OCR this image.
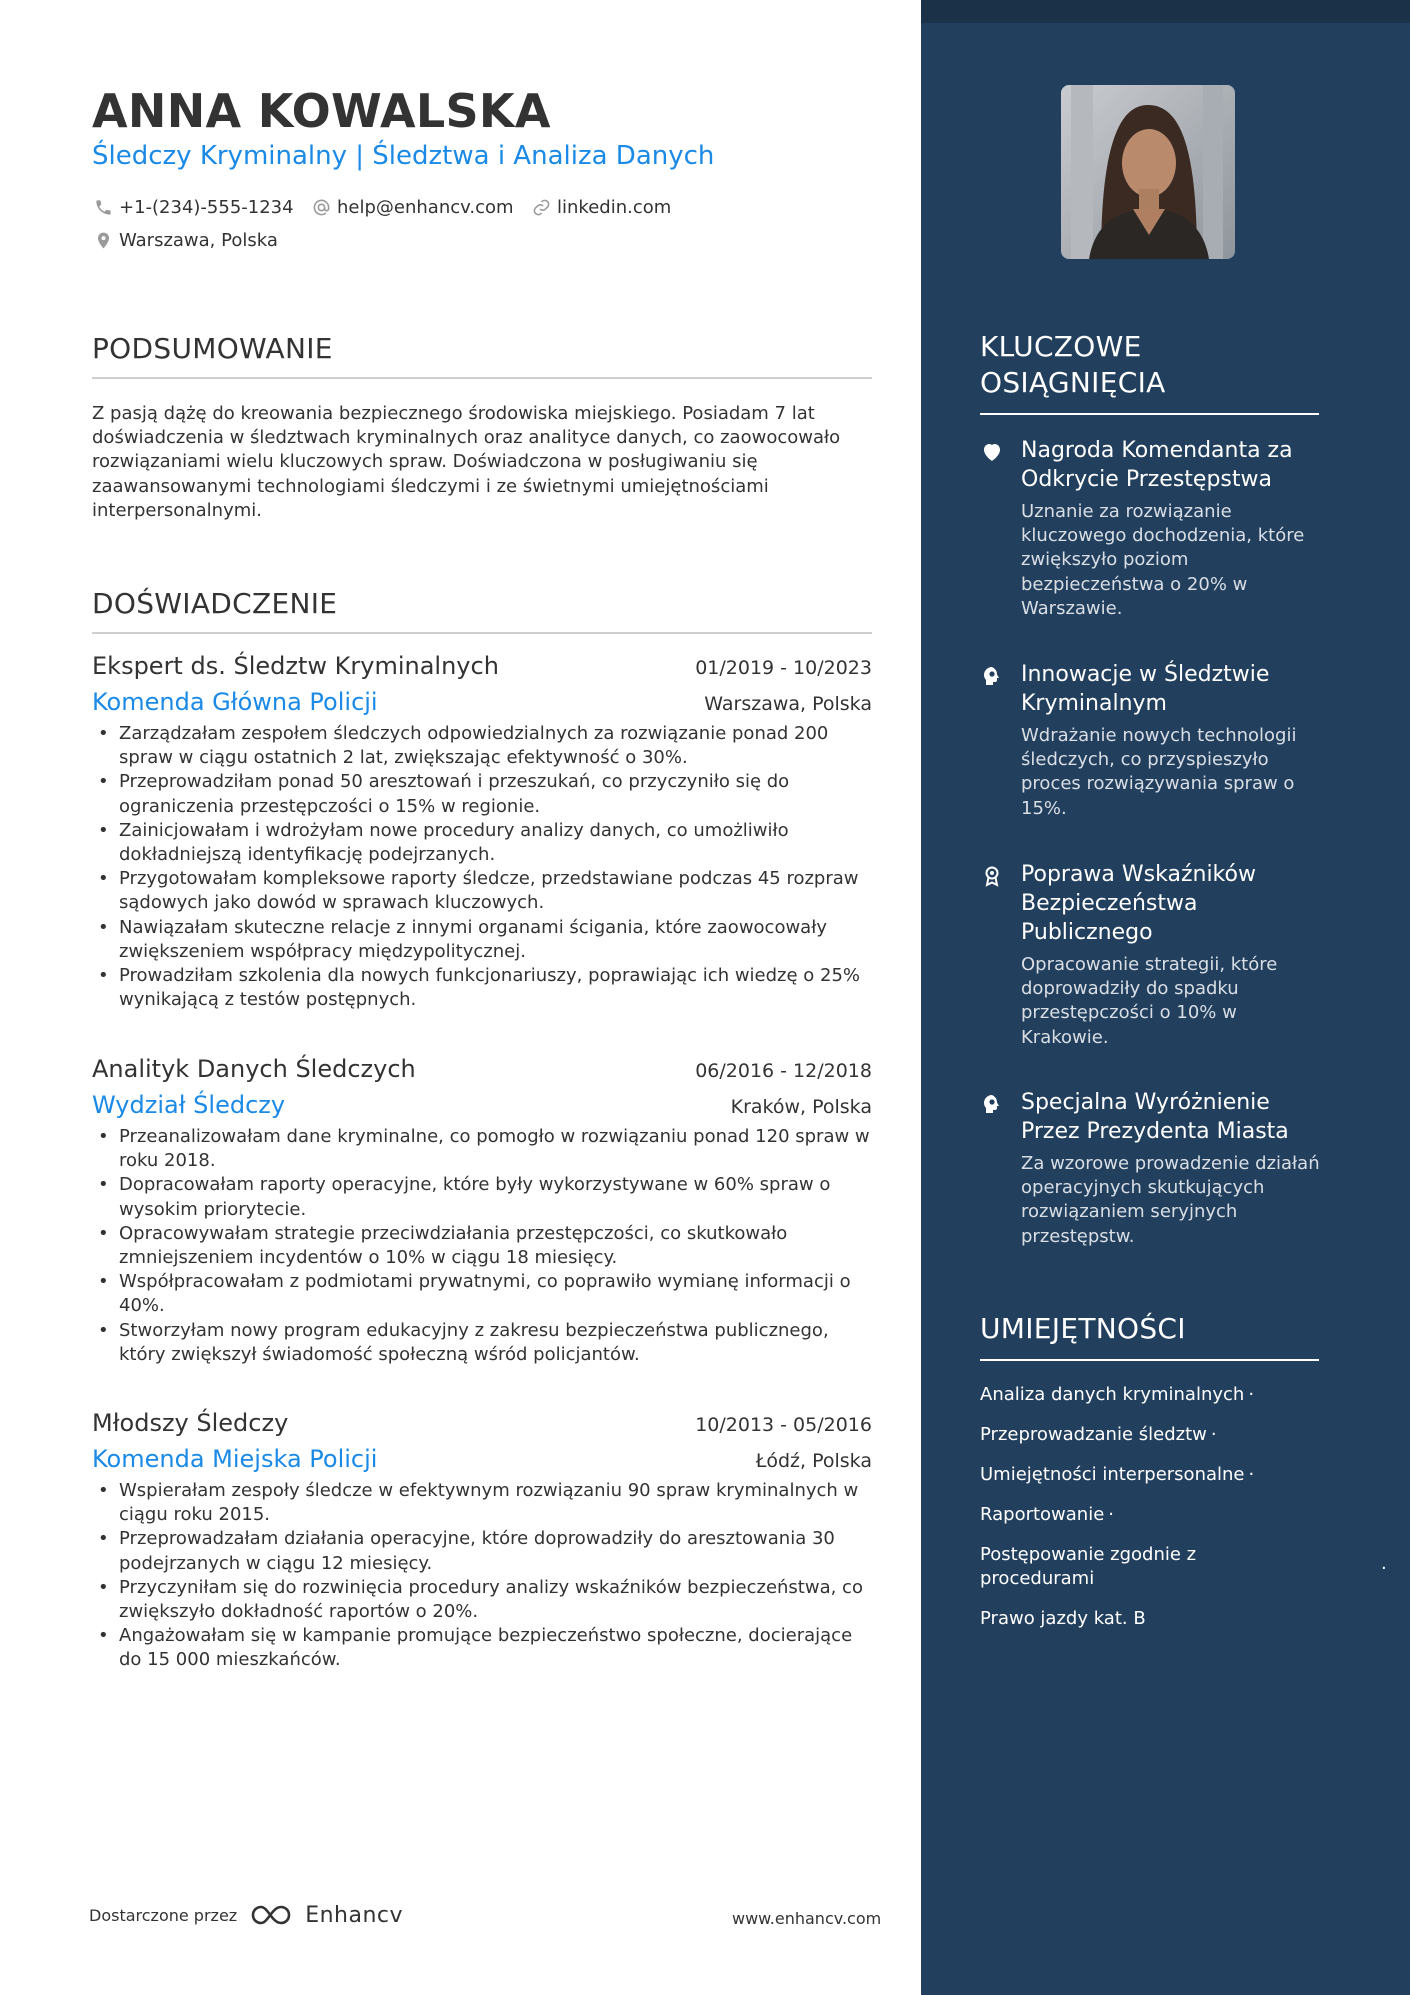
ANNA KOWALSKA
Śledczy Kryminalny | Śledztwa i Analiza Danych
+1-(234)-555-1234 help@enhancv.com linkedin.com
Warszawa, Polska
PODSUMOWANIE

Z pasją dążę do kreowania bezpiecznego środowiska miejskiego. Posiadam 7 lat doświadczenia w śledztwach kryminalnych oraz analityce danych, co zaowocowało rozwiązaniami wielu kluczowych spraw. Doświadczona w posługiwaniu się zaawansowanymi technologiami śledczymi i ze świetnymi umiejętnościami interpersonalnymi.

DOŚWIADCZENIE
Ekspert ds. Śledztw Kryminalnych	01/2019 - 10/2023
Komenda Główna Policji	Warszawa, Polska
• Zarządzałam zespołem śledczych odpowiedzialnych za rozwiązanie ponad 200 spraw w ciągu ostatnich 2 lat, zwiększając efektywność o 30%.
• Przeprowadziłam ponad 50 aresztowań i przeszukań, co przyczyniło się do ograniczenia przestępczości o 15% w regionie.
• Zainicjowałam i wdrożyłam nowe procedury analizy danych, co umożliwiło dokładniejszą identyfikację podejrzanych.
• Przygotowałam kompleksowe raporty śledcze, przedstawiane podczas 45 rozpraw sądowych jako dowód w sprawach kluczowych.
• Nawiązałam skuteczne relacje z innymi organami ścigania, które zaowocowały zwiększeniem współpracy międzypolitycznej.
• Prowadziłam szkolenia dla nowych funkcjonariuszy, poprawiając ich wiedzę o 25% wynikającą z testów postępnych.
Analityk Danych Śledczych	06/2016 - 12/2018
Wydział Śledczy	Kraków, Polska
• Przeanalizowałam dane kryminalne, co pomogło w rozwiązaniu ponad 120 spraw w roku 2018.
• Dopracowałam raporty operacyjne, które były wykorzystywane w 60% spraw o wysokim priorytecie.
• Opracowywałam strategie przeciwdziałania przestępczości, co skutkowało zmniejszeniem incydentów o 10% w ciągu 18 miesięcy.
• Współpracowałam z podmiotami prywatnymi, co poprawiło wymianę informacji o 40%.
• Stworzyłam nowy program edukacyjny z zakresu bezpieczeństwa publicznego, który zwiększył świadomość społeczną wśród policjantów.
Młodszy Śledczy	10/2013 - 05/2016
Komenda Miejska Policji	Łódź, Polska
• Wspierałam zespoły śledcze w efektywnym rozwiązaniu 90 spraw kryminalnych w ciągu roku 2015.
• Przeprowadzałam działania operacyjne, które doprowadziły do aresztowania 30 podejrzanych w ciągu 12 miesięcy.
• Przyczyniłam się do rozwinięcia procedury analizy wskaźników bezpieczeństwa, co zwiększyło dokładność raportów o 20%.
• Angażowałam się w kampanie promujące bezpieczeństwo społeczne, docierające do 15 000 mieszkańców.
Dostarczone przez	Enhancv	www.enhancv.com
KLUCZOWE OSIĄGNIĘCIA
Nagroda Komendanta za Odkrycie Przestępstwa
Uznanie za rozwiązanie kluczowego dochodzenia, które zwiększyło poziom bezpieczeństwa o 20% w Warszawie.
Innowacje w Śledztwie Kryminalnym
Wdrażanie nowych technologii śledczych, co przyspieszyło proces rozwiązywania spraw o 15%.
Poprawa Wskaźników Bezpieczeństwa Publicznego
Opracowanie strategii, które doprowadziły do spadku przestępczości o 10% w Krakowie.
Specjalna Wyróżnienie Przez Prezydenta Miasta
Za wzorowe prowadzenie działań operacyjnych skutkujących rozwiązaniem seryjnych przestępstw.
UMIEJĘTNOŚCI
Analiza danych kryminalnych ·
Przeprowadzanie śledztw ·
Umiejętności interpersonalne ·
Raportowanie ·
Postępowanie zgodnie z procedurami	·
Prawo jazdy kat. B
